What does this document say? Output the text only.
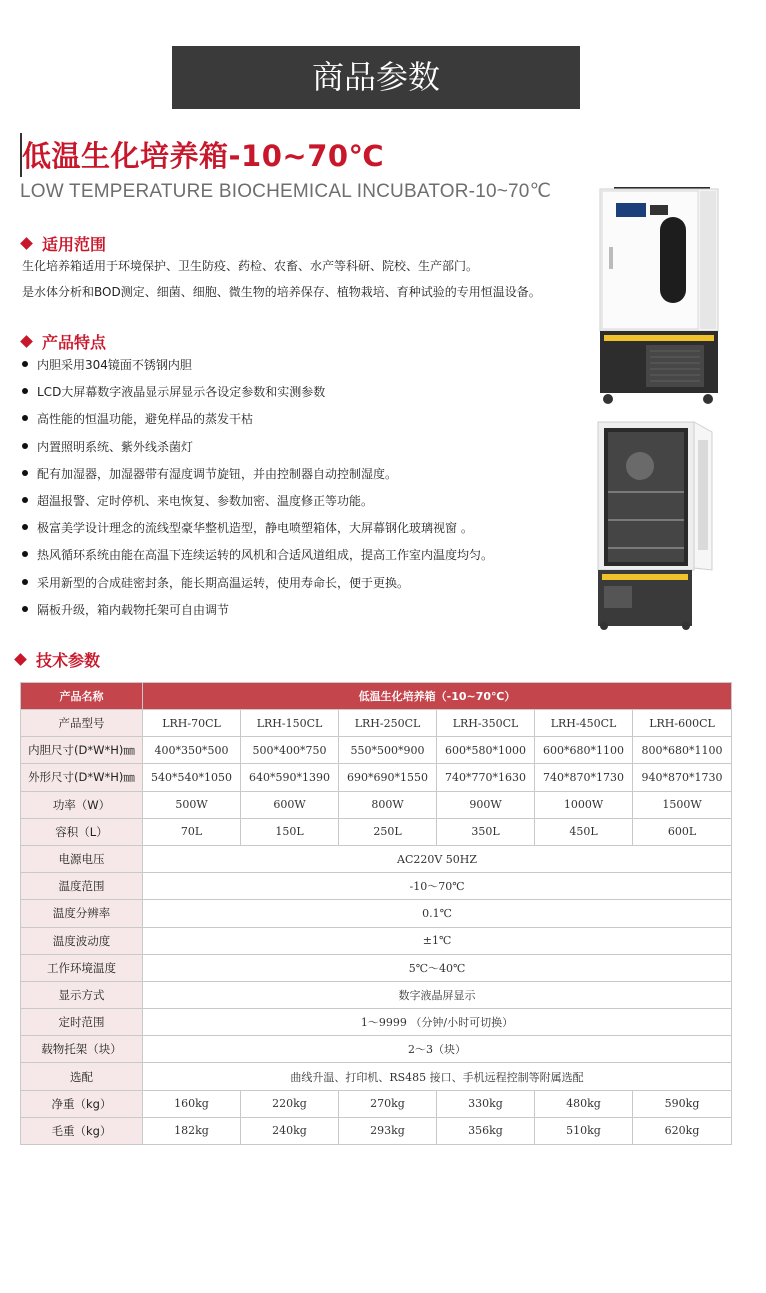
商品参数
低温生化培养箱-10~70℃
LOW TEMPERATURE BIOCHEMICAL INCUBATOR-10~70℃
适用范围
生化培养箱适用于环境保护、卫生防疫、药检、农畜、水产等科研、院校、生产部门。
是水体分析和BOD测定、细菌、细胞、微生物的培养保存、植物栽培、育种试验的专用恒温设备。
产品特点
内胆采用304镜面不锈钢内胆
LCD大屏幕数字液晶显示屏显示各设定参数和实测参数
高性能的恒温功能，避免样品的蒸发干枯
内置照明系统、紫外线杀菌灯
配有加湿器，加湿器带有湿度调节旋钮，并由控制器自动控制湿度。
超温报警、定时停机、来电恢复、参数加密、温度修正等功能。
极富美学设计理念的流线型豪华整机造型，静电喷塑箱体，大屏幕钢化玻璃视窗 。
热风循环系统由能在高温下连续运转的风机和合适风道组成，提高工作室内温度均匀。
采用新型的合成硅密封条，能长期高温运转，使用寿命长，便于更换。
隔板升级，箱内载物托架可自由调节
技术参数
产品名称	低温生化培养箱（-10~70℃）					
产品型号	LRH-70CL	LRH-150CL	LRH-250CL	LRH-350CL	LRH-450CL	LRH-600CL
内胆尺寸(D*W*H)㎜	400*350*500	500*400*750	550*500*900	600*580*1000	600*680*1100	800*680*1100
外形尺寸(D*W*H)㎜	540*540*1050	640*590*1390	690*690*1550	740*770*1630	740*870*1730	940*870*1730
功率（W）	500W	600W	800W	900W	1000W	1500W
容积（L）	70L	150L	250L	350L	450L	600L
电源电压	AC220V 50HZ					
温度范围	-10～70℃					
温度分辨率	0.1℃					
温度波动度	±1℃					
工作环境温度	5℃～40℃					
显示方式	数字液晶屏显示					
定时范围	1～9999 （分钟/小时可切换）					
载物托架（块）	2～3（块）					
选配	曲线升温、打印机、RS485 接口、手机远程控制等附属选配					
净重（kg）	160kg	220kg	270kg	330kg	480kg	590kg
毛重（kg）	182kg	240kg	293kg	356kg	510kg	620kg
